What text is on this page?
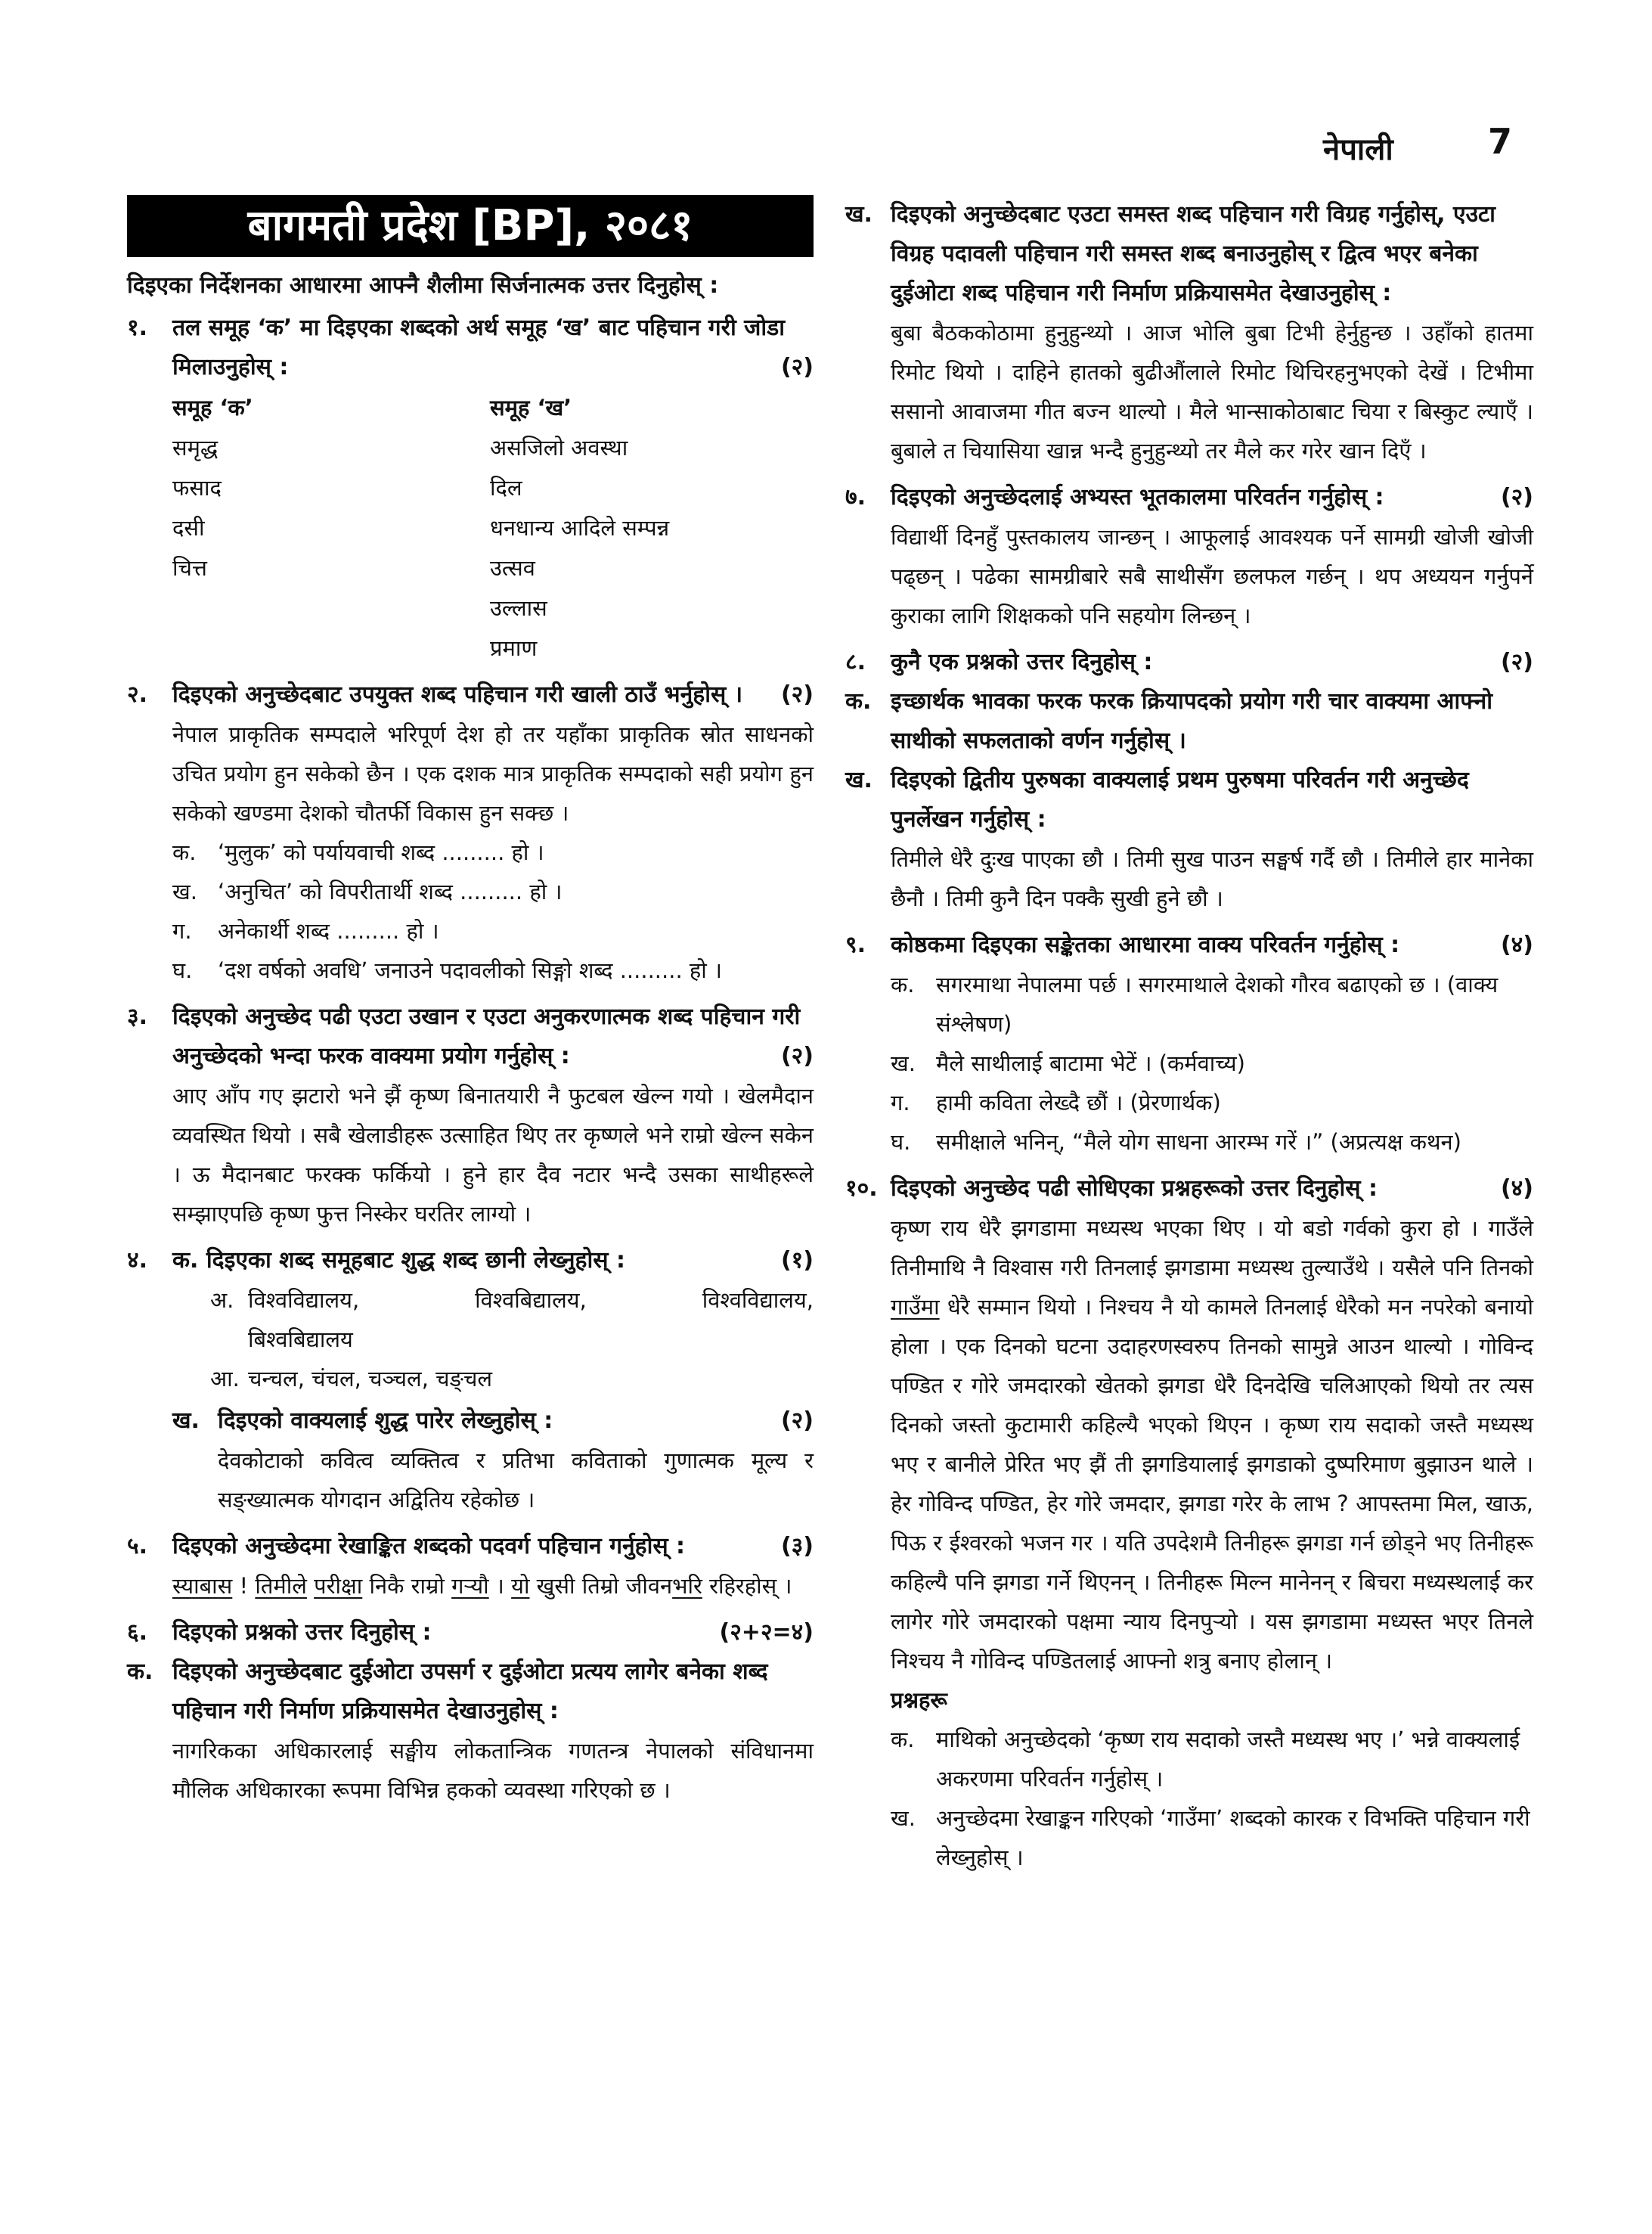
नेपाली	7
बागमती प्रदेश [BP], २०८१

दिइएका निर्देशनका आधारमा आफ्नै शैलीमा सिर्जनात्मक उत्तर दिनुहोस् :

१.	तल समूह ‘क’ मा दिइएका शब्दको अर्थ समूह ‘ख’ बाट पहिचान गरी जोडा मिलाउनुहोस् :	(२)

समूह ‘क’	समूह ‘ख’
समृद्ध	असजिलो अवस्था
फसाद	दिल
दसी	धनधान्य आदिले सम्पन्न
चित्त	उत्सव
	उल्लास
	प्रमाण

२.	दिइएको अनुच्छेदबाट उपयुक्त शब्द पहिचान गरी खाली ठाउँ भर्नुहोस् । (२)

नेपाल प्राकृतिक सम्पदाले भरिपूर्ण देश हो तर यहाँका प्राकृतिक स्रोत साधनको उचित प्रयोग हुन सकेको छैन । एक दशक मात्र प्राकृतिक सम्पदाको सही प्रयोग हुन सकेको खण्डमा देशको चौतर्फी विकास हुन सक्छ ।

क. ‘मुलुक’ को पर्यायवाची शब्द ......... हो ।

ख. ‘अनुचित’ को विपरीतार्थी शब्द ......... हो ।

ग.	अनेकार्थी शब्द ......... हो ।

घ.	‘दश वर्षको अवधि’ जनाउने पदावलीको सिङ्गो शब्द ......... हो ।

३.	दिइएको अनुच्छेद पढी एउटा उखान र एउटा अनुकरणात्मक शब्द पहिचान गरी अनुच्छेदको भन्दा फरक वाक्यमा प्रयोग गर्नुहोस् :	(२)

आए आँप गए झटारो भने झैं कृष्ण बिनातयारी नै फुटबल खेल्न गयो । खेलमैदान व्यवस्थित थियो । सबै खेलाडीहरू उत्साहित थिए तर कृष्णले भने राम्रो खेल्न सकेन । ऊ मैदानबाट फरक्क फर्कियो । हुने हार दैव नटार भन्दै उसका साथीहरूले सम्झाएपछि कृष्ण फुत्त निस्केर घरतिर लाग्यो ।

४.	क. दिइएका शब्द समूहबाट शुद्ध शब्द छानी लेख्नुहोस् :	(१)

अ. विश्वविद्यालय,	विश्वबिद्यालय,	विश्वविद्यालय,
बिश्वबिद्यालय

आ. चन्चल, चंचल, चञ्चल, चङ्चल

ख. दिइएको वाक्यलाई शुद्ध पारेर लेख्नुहोस् :	(२)

देवकोटाको कवित्व व्यक्तित्व र प्रतिभा कविताको गुणात्मक मूल्य र सङ्ख्यात्मक योगदान अद्वितिय रहेकोछ ।

५.	दिइएको अनुच्छेदमा रेखाङ्कित शब्दको पदवर्ग पहिचान गर्नुहोस् :	(३)

स्याबास ! तिमीले परीक्षा निकै राम्रो गऱ्यौ । यो खुसी तिम्रो जीवनभरि रहिरहोस् ।

६.	दिइएको प्रश्नको उत्तर दिनुहोस् :	(२+२=४)

क. दिइएको अनुच्छेदबाट दुईओटा उपसर्ग र दुईओटा प्रत्यय लागेर बनेका शब्द पहिचान गरी निर्माण प्रक्रियासमेत देखाउनुहोस् :

नागरिकका अधिकारलाई सङ्घीय लोकतान्त्रिक गणतन्त्र नेपालको संविधानमा मौलिक अधिकारका रूपमा विभिन्न हकको व्यवस्था गरिएको छ ।

ख. दिइएको अनुच्छेदबाट एउटा समस्त शब्द पहिचान गरी विग्रह गर्नुहोस्, एउटा विग्रह पदावली पहिचान गरी समस्त शब्द बनाउनुहोस् र द्वित्व भएर बनेका दुईओटा शब्द पहिचान गरी निर्माण प्रक्रियासमेत देखाउनुहोस् :

बुबा बैठककोठामा हुनुहुन्थ्यो । आज भोलि बुबा टिभी हेर्नुहुन्छ । उहाँको हातमा रिमोट थियो । दाहिने हातको बुढीऔंलाले रिमोट थिचिरहनुभएको देखें । टिभीमा ससानो आवाजमा गीत बज्न थाल्यो । मैले भान्साकोठाबाट चिया र बिस्कुट ल्याएँ । बुबाले त चियासिया खान्न भन्दै हुनुहुन्थ्यो तर मैले कर गरेर खान दिएँ ।

७.	दिइएको अनुच्छेदलाई अभ्यस्त भूतकालमा परिवर्तन गर्नुहोस् :	(२)

विद्यार्थी दिनहुँ पुस्तकालय जान्छन् । आफूलाई आवश्यक पर्ने सामग्री खोजी खोजी पढ्छन् । पढेका सामग्रीबारे सबै साथीसँग छलफल गर्छन् । थप अध्ययन गर्नुपर्ने कुराका लागि शिक्षकको पनि सहयोग लिन्छन् ।

८.	कुनै एक प्रश्नको उत्तर दिनुहोस् :	(२)

क. इच्छार्थक भावका फरक फरक क्रियापदको प्रयोग गरी चार वाक्यमा आफ्नो साथीको सफलताको वर्णन गर्नुहोस् ।

ख. दिइएको द्वितीय पुरुषका वाक्यलाई प्रथम पुरुषमा परिवर्तन गरी अनुच्छेद पुनर्लेखन गर्नुहोस् :

तिमीले धेरै दुःख पाएका छौ । तिमी सुख पाउन सङ्घर्ष गर्दै छौ । तिमीले हार मानेका छैनौ । तिमी कुनै दिन पक्कै सुखी हुने छौ ।

९.	कोष्ठकमा दिइएका सङ्केतका आधारमा वाक्य परिवर्तन गर्नुहोस् :	(४)

क. सगरमाथा नेपालमा पर्छ । सगरमाथाले देशको गौरव बढाएको छ । (वाक्य संश्लेषण)

ख. मैले साथीलाई बाटामा भेटें । (कर्मवाच्य)

ग.	हामी कविता लेख्दै छौं । (प्रेरणार्थक)

घ.	समीक्षाले भनिन्, “मैले योग साधना आरम्भ गरें ।” (अप्रत्यक्ष कथन)

१०. दिइएको अनुच्छेद पढी सोधिएका प्रश्नहरूको उत्तर दिनुहोस् :	(४)

कृष्ण राय धेरै झगडामा मध्यस्थ भएका थिए । यो बडो गर्वको कुरा हो । गाउँले तिनीमाथि नै विश्वास गरी तिनलाई झगडामा मध्यस्थ तुल्याउँथे । यसैले पनि तिनको गाउँमा धेरै सम्मान थियो । निश्चय नै यो कामले तिनलाई धेरैको मन नपरेको बनायो होला । एक दिनको घटना उदाहरणस्वरुप तिनको सामुन्ने आउन थाल्यो । गोविन्द पण्डित र गोरे जमदारको खेतको झगडा धेरै दिनदेखि चलिआएको थियो तर त्यस दिनको जस्तो कुटामारी कहिल्यै भएको थिएन । कृष्ण राय सदाको जस्तै मध्यस्थ भए र बानीले प्रेरित भए झैं ती झगडियालाई झगडाको दुष्परिमाण बुझाउन थाले । हेर गोविन्द पण्डित, हेर गोरे जमदार, झगडा गरेर के लाभ ? आपस्तमा मिल, खाऊ, पिऊ र ईश्वरको भजन गर । यति उपदेशमै तिनीहरू झगडा गर्न छोड्ने भए तिनीहरू कहिल्यै पनि झगडा गर्ने थिएनन् । तिनीहरू मिल्न मानेनन् र बिचरा मध्यस्थलाई कर लागेर गोरे जमदारको पक्षमा न्याय दिनपुऱ्यो । यस झगडामा मध्यस्त भएर तिनले निश्चय नै गोविन्द पण्डितलाई आफ्नो शत्रु बनाए होलान् ।

प्रश्नहरू

क. माथिको अनुच्छेदको ‘कृष्ण राय सदाको जस्तै मध्यस्थ भए ।’ भन्ने वाक्यलाई अकरणमा परिवर्तन गर्नुहोस् ।

ख. अनुच्छेदमा रेखाङ्कन गरिएको ‘गाउँमा’ शब्दको कारक र विभक्ति पहिचान गरी लेख्नुहोस् ।
